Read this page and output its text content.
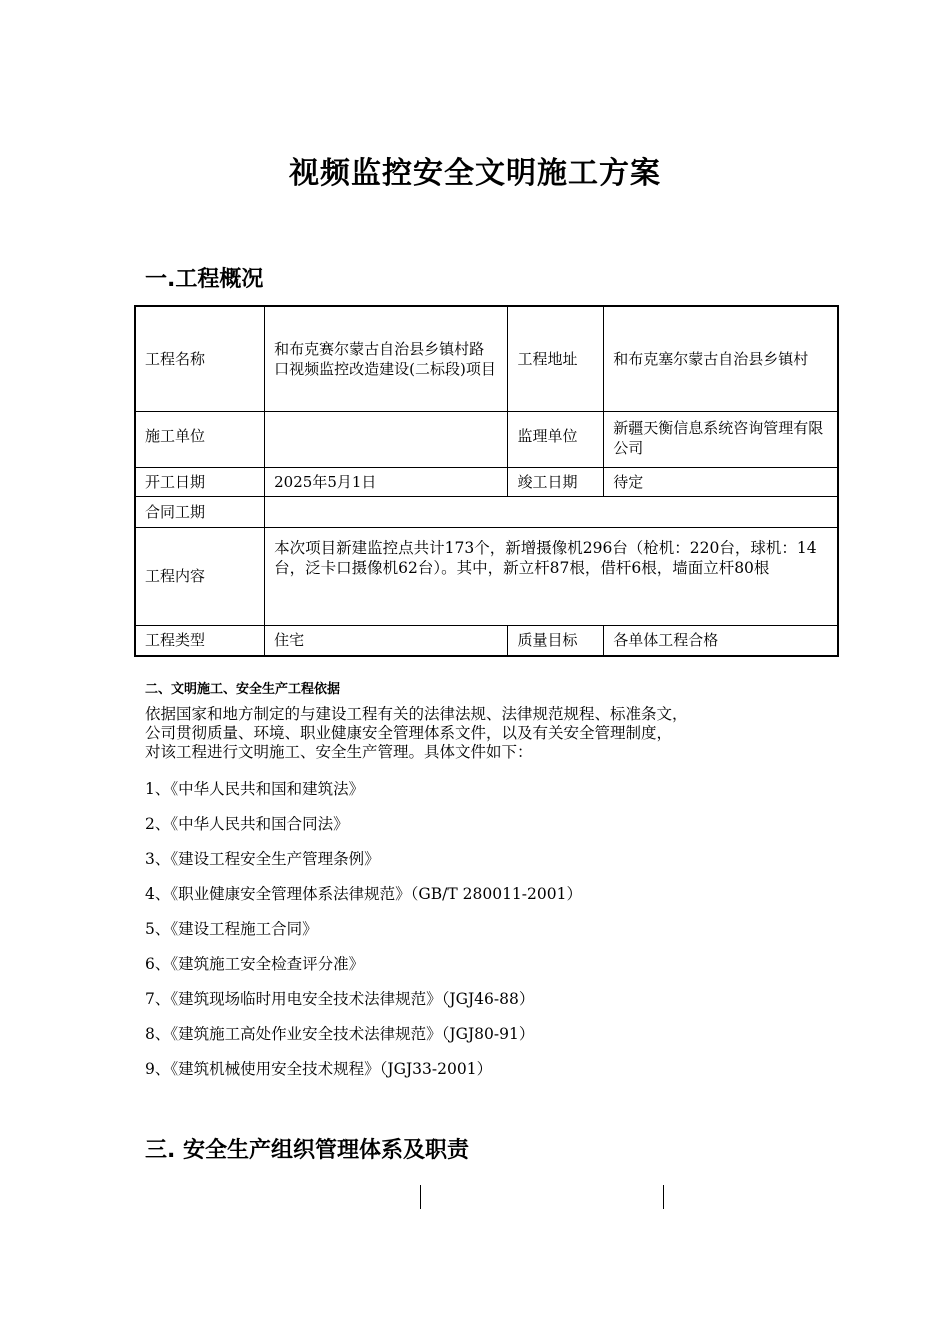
视频监控安全文明施工方案
一.工程概况
工程名称	和布克赛尔蒙古自治县乡镇村路口视频监控改造建设(二标段)项目	工程地址	和布克塞尔蒙古自治县乡镇村
施工单位		监理单位	新疆天衡信息系统咨询管理有限公司
开工日期	2025年5月1日	竣工日期	待定
合同工期			
工程内容	本次项目新建监控点共计173个，新增摄像机296台（枪机：220台，球机：14台，泛卡口摄像机62台）。其中，新立杆87根，借杆6根，墙面立杆80根		
工程类型	住宅	质量目标	各单体工程合格
二、文明施工、安全生产工程依据
依据国家和地方制定的与建设工程有关的法律法规、法律规范规程、标准条文，
公司贯彻质量、环境、职业健康安全管理体系文件，以及有关安全管理制度，
对该工程进行文明施工、安全生产管理。具体文件如下：
1、《中华人民共和国和建筑法》
2、《中华人民共和国合同法》
3、《建设工程安全生产管理条例》
4、《职业健康安全管理体系法律规范》（GB/T 280011-2001）
5、《建设工程施工合同》
6、《建筑施工安全检查评分准》
7、《建筑现场临时用电安全技术法律规范》（JGJ46-88）
8、《建筑施工高处作业安全技术法律规范》（JGJ80-91）
9、《建筑机械使用安全技术规程》（JGJ33-2001）
三. 安全生产组织管理体系及职责
